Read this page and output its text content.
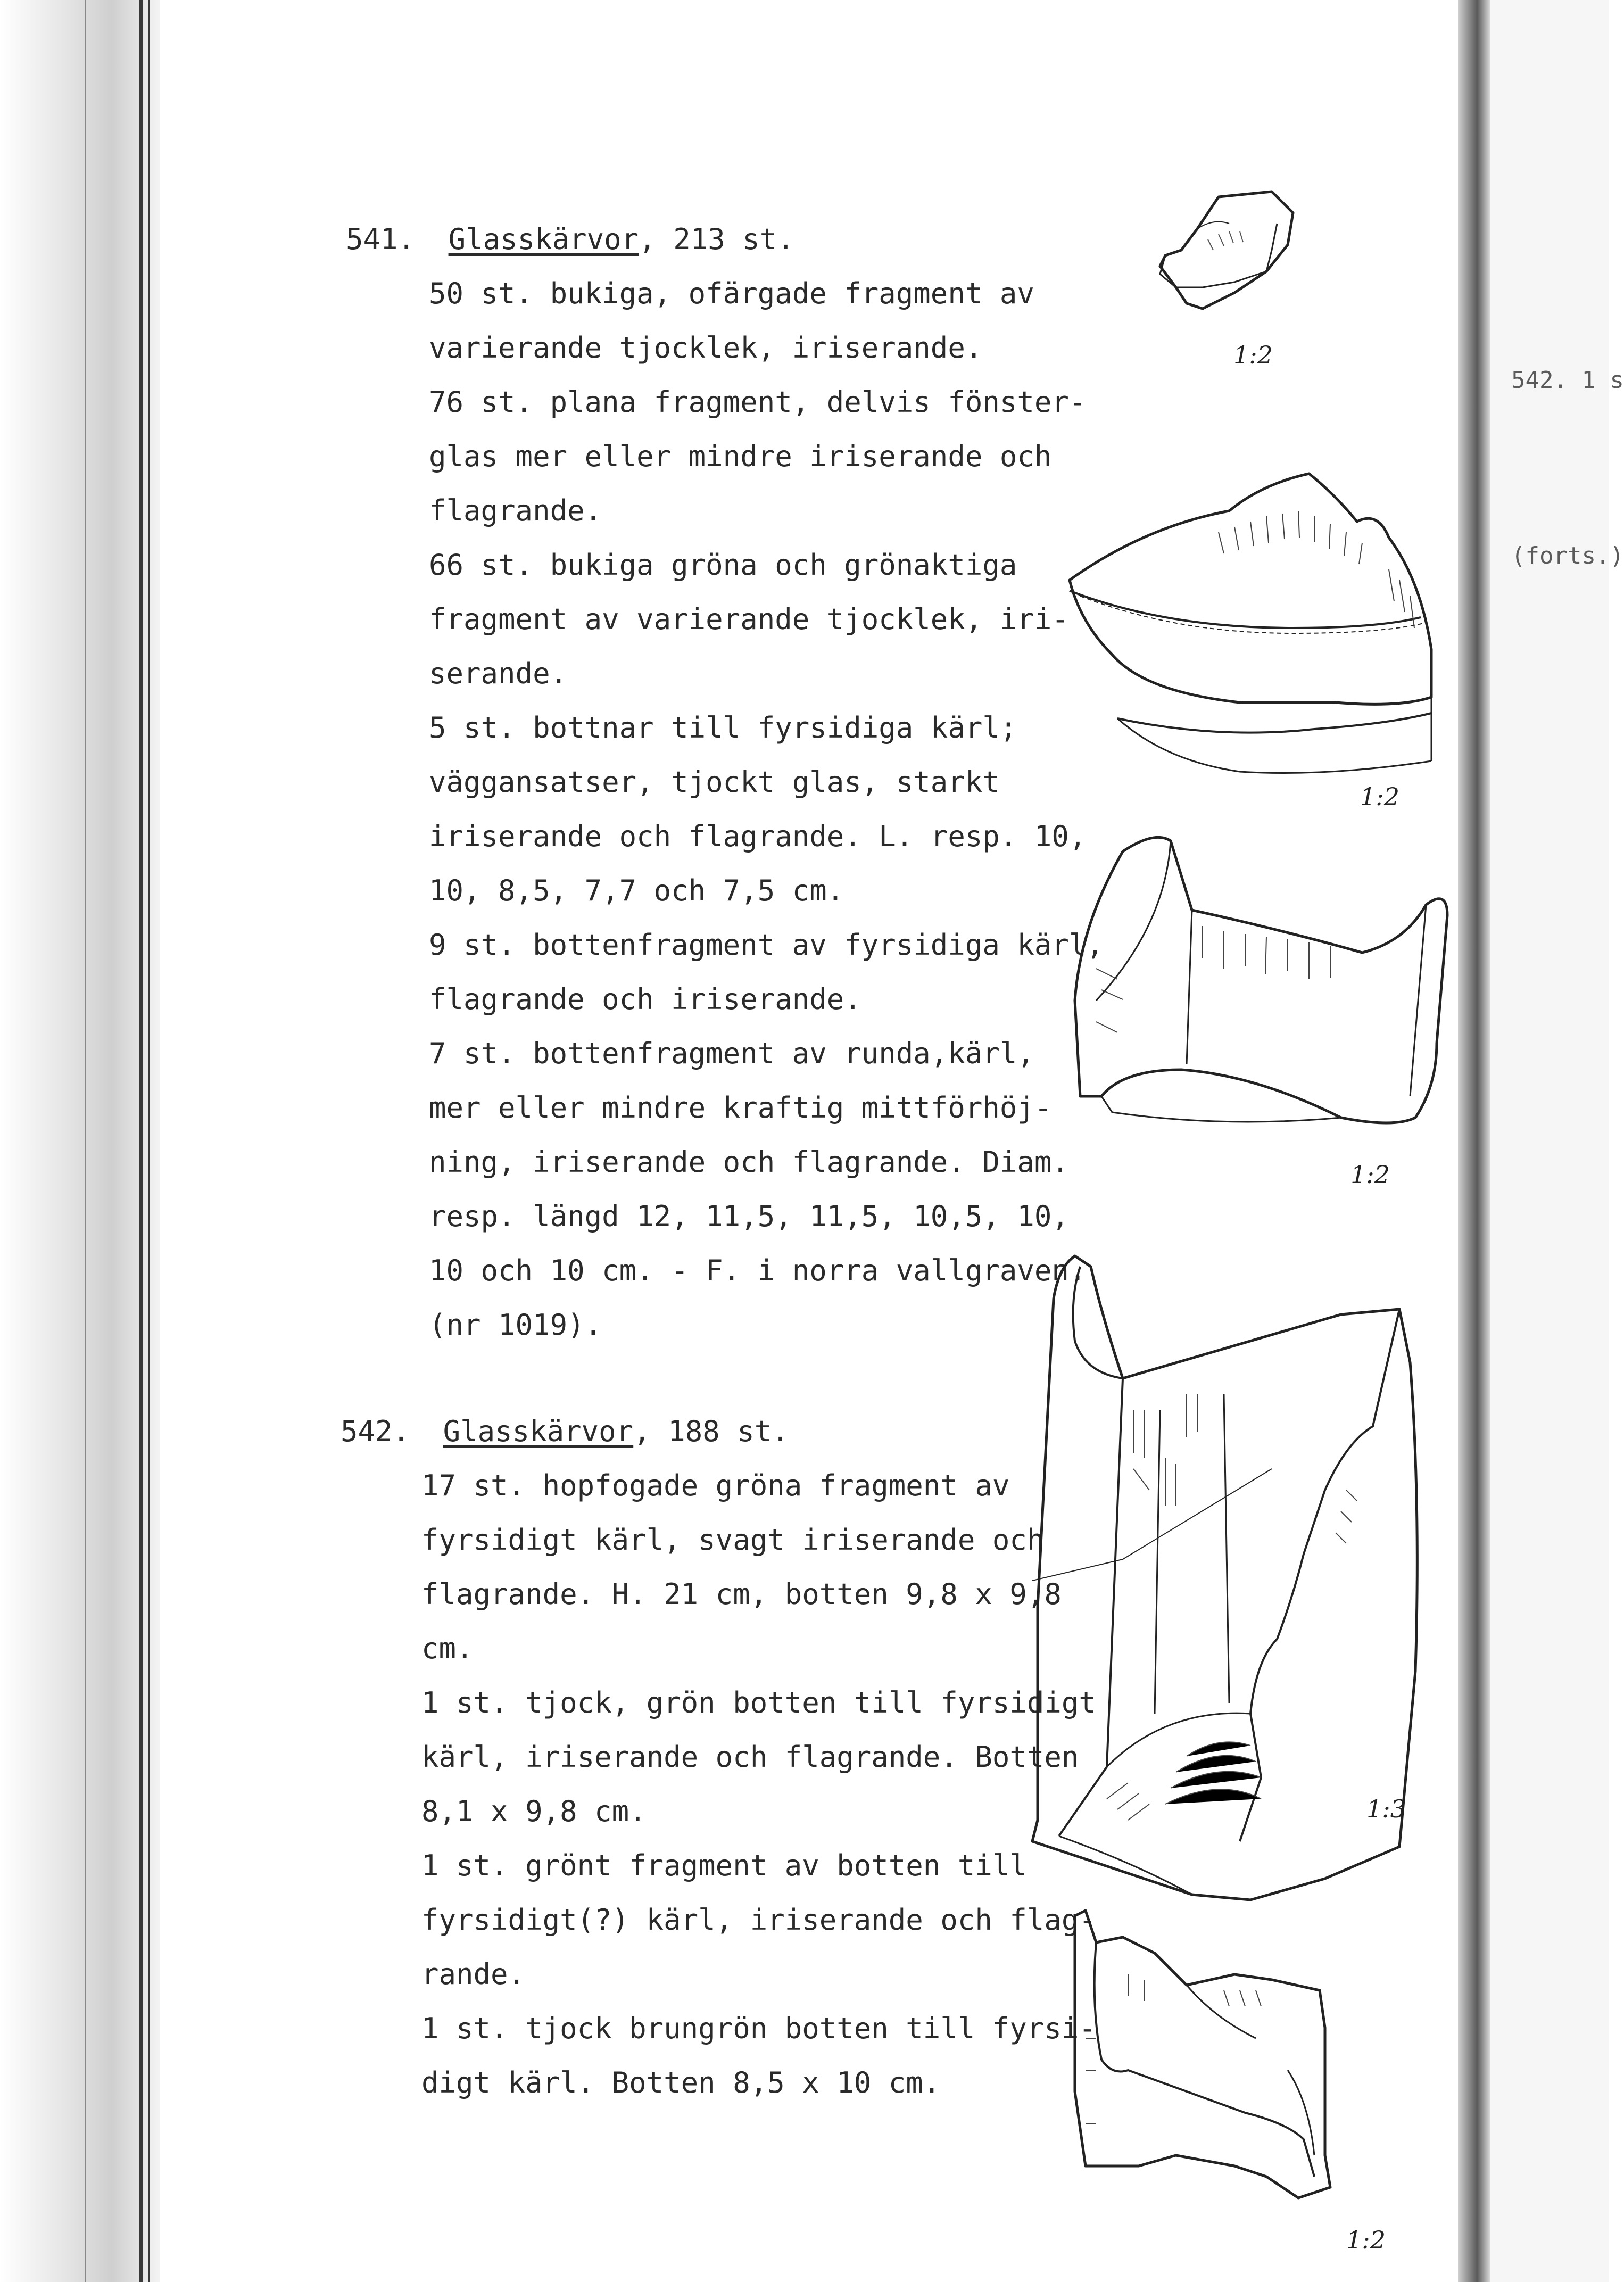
542. 1 s

(forts.)

541. Glasskärvor, 213 st.
50 st. bukiga, ofärgade fragment av
varierande tjocklek, iriserande.
76 st. plana fragment, delvis fönster-
glas mer eller mindre iriserande och
flagrande.
66 st. bukiga gröna och grönaktiga
fragment av varierande tjocklek, iri-
serande.
5 st. bottnar till fyrsidiga kärl;
väggansatser, tjockt glas, starkt
iriserande och flagrande. L. resp. 10,
10, 8,5, 7,7 och 7,5 cm.
9 st. bottenfragment av fyrsidiga kärl,
flagrande och iriserande.
7 st. bottenfragment av runda,kärl,
mer eller mindre kraftig mittförhöj-
ning, iriserande och flagrande. Diam.
resp. längd 12, 11,5, 11,5, 10,5, 10,
10 och 10 cm. - F. i norra vallgraven.
(nr 1019).
542. Glasskärvor, 188 st.
17 st. hopfogade gröna fragment av
fyrsidigt kärl, svagt iriserande och
flagrande. H. 21 cm, botten 9,8 x 9,8
cm.
1 st. tjock, grön botten till fyrsidigt
kärl, iriserande och flagrande. Botten
8,1 x 9,8 cm.
1 st. grönt fragment av botten till
fyrsidigt(?) kärl, iriserande och flag-
rande.
1 st. tjock brungrön botten till fyrsi-
digt kärl. Botten 8,5 x 10 cm.
1:2
1:2
1:2
1:3
1:2
